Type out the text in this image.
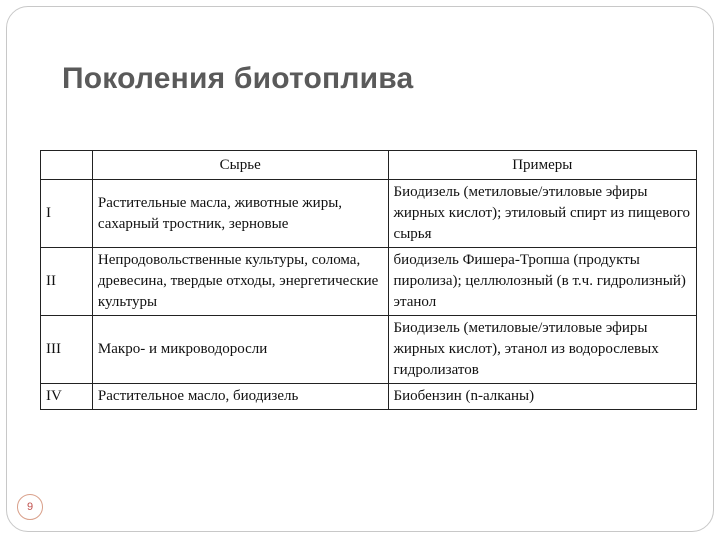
Поколения биотоплива
	Сырье	Примеры
I	Растительные масла, животные жиры, сахарный тростник, зерновые	Биодизель (метиловые/этиловые эфиры жирных кислот); этиловый спирт из пищевого сырья
II	Непродовольственные культуры, солома, древесина, твердые отходы, энергетические культуры	биодизель Фишера-Тропша (продукты пиролиза); целлюлозный (в т.ч. гидролизный) этанол
III	Макро- и микроводоросли	Биодизель (метиловые/этиловые эфиры жирных кислот), этанол из водорослевых гидролизатов
IV	Растительное масло, биодизель	Биобензин (n-алканы)
9
